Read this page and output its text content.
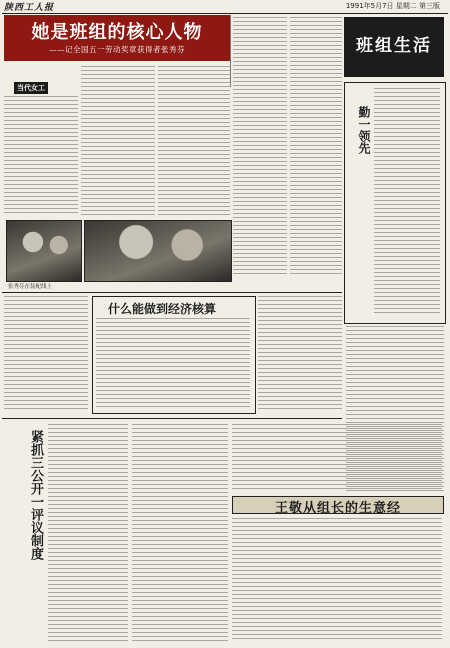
陕西工人报	1991年5月7日 星期二 第三版
她是班组的核心人物
——记全国五一劳动奖章获得者张秀芬
当代女工
张秀芬在装配线上
班组生活
勤一领先
什么能做到经济核算
紧抓三公开一评议制度	王敬从组长的生意经
